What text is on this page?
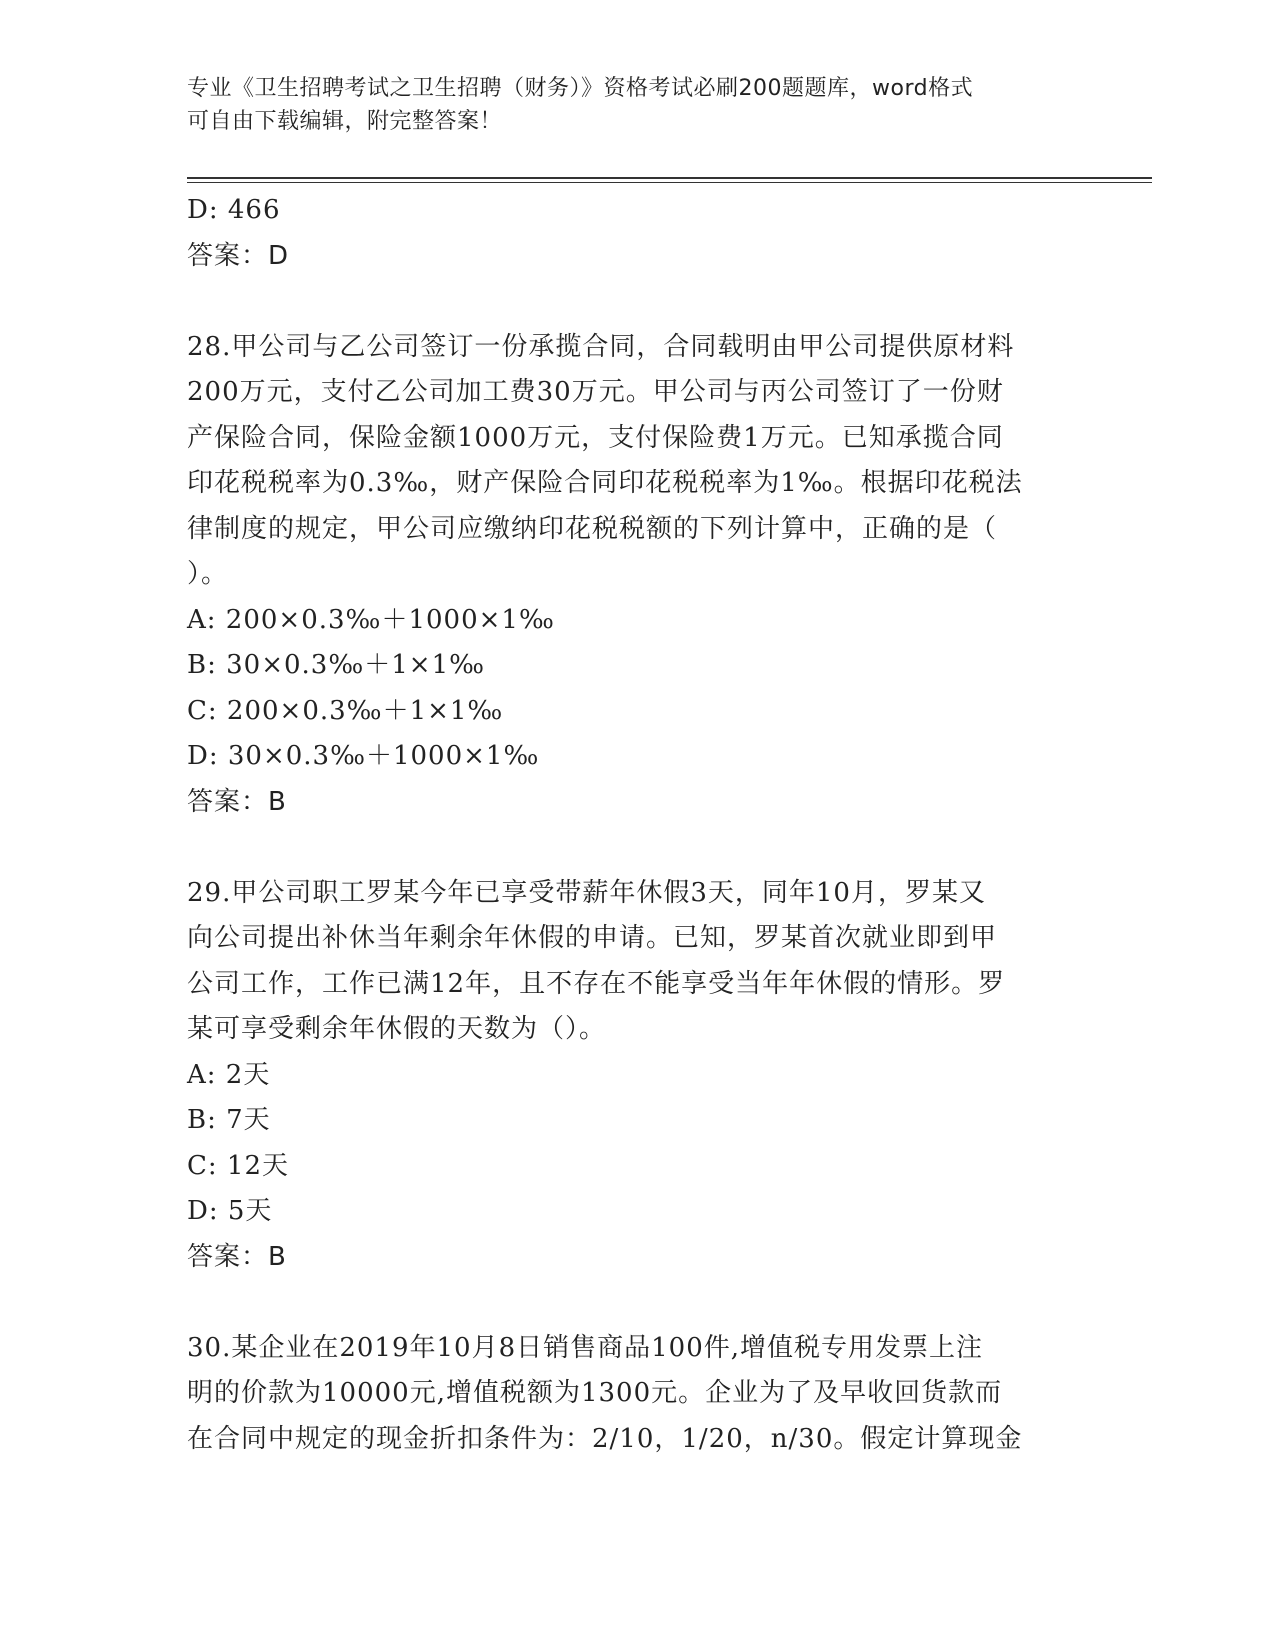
专业《卫生招聘考试之卫生招聘（财务）》资格考试必刷200题题库，word格式
可自由下载编辑，附完整答案！
D: 466
答案：D
28.甲公司与乙公司签订一份承揽合同，合同载明由甲公司提供原材料
200万元，支付乙公司加工费30万元。甲公司与丙公司签订了一份财
产保险合同，保险金额1000万元，支付保险费1万元。已知承揽合同
印花税税率为0.3‰，财产保险合同印花税税率为1‰。根据印花税法
律制度的规定，甲公司应缴纳印花税税额的下列计算中，正确的是（
）。
A: 200×0.3‰＋1000×1‰
B: 30×0.3‰＋1×1‰
C: 200×0.3‰＋1×1‰
D: 30×0.3‰＋1000×1‰
答案：B
29.甲公司职工罗某今年已享受带薪年休假3天，同年10月，罗某又
向公司提出补休当年剩余年休假的申请。已知，罗某首次就业即到甲
公司工作，工作已满12年，且不存在不能享受当年年休假的情形。罗
某可享受剩余年休假的天数为（）。
A: 2天
B: 7天
C: 12天
D: 5天
答案：B
30.某企业在2019年10月8日销售商品100件,增值税专用发票上注
明的价款为10000元,增值税额为1300元。企业为了及早收回货款而
在合同中规定的现金折扣条件为：2/10，1/20，n/30。假定计算现金
